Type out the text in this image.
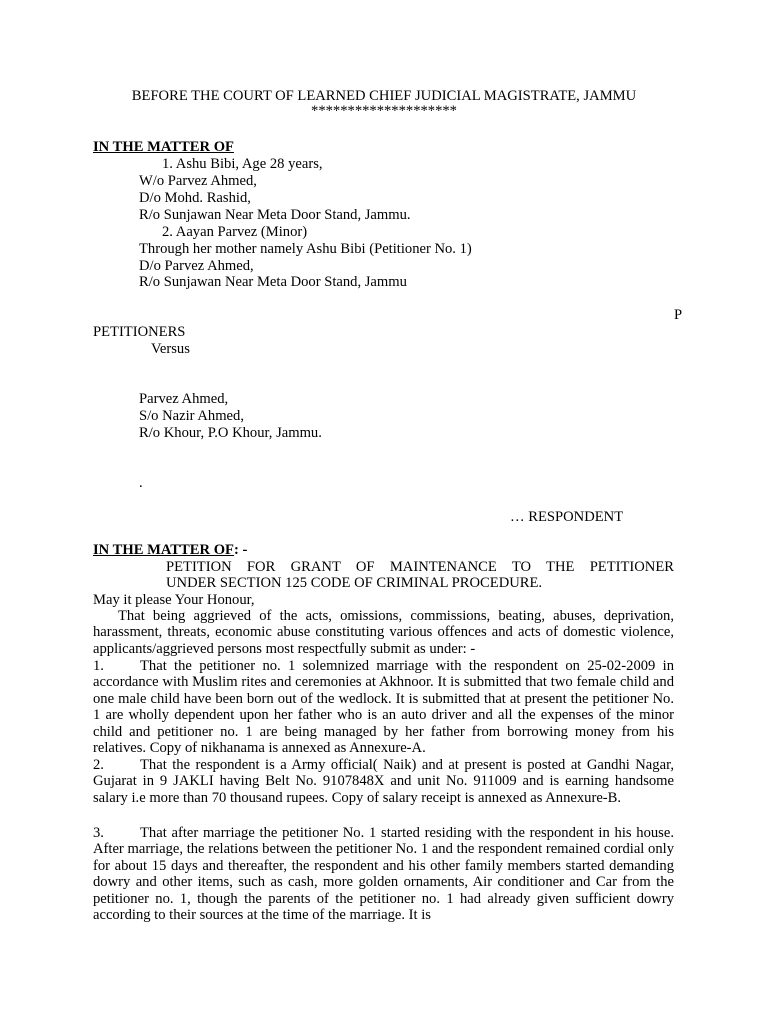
BEFORE THE COURT OF LEARNED CHIEF JUDICIAL MAGISTRATE, JAMMU

********************

IN THE MATTER OF

1. Ashu Bibi, Age 28 years,

W/o Parvez Ahmed,

D/o Mohd. Rashid,

R/o Sunjawan Near Meta Door Stand, Jammu.

2. Aayan Parvez (Minor)

Through her mother namely Ashu Bibi (Petitioner No. 1)

D/o Parvez Ahmed,

R/o Sunjawan Near Meta Door Stand, Jammu

P

PETITIONERS

Versus

Parvez Ahmed,

S/o Nazir Ahmed,

R/o Khour, P.O Khour, Jammu.

.

… RESPONDENT

IN THE MATTER OF: -

PETITION FOR GRANT OF MAINTENANCE TO THE PETITIONER

UNDER SECTION 125 CODE OF CRIMINAL PROCEDURE.

May it please Your Honour,

That being aggrieved of the acts, omissions, commissions, beating, abuses, deprivation, harassment, threats, economic abuse constituting various offences and acts of domestic violence, applicants/aggrieved persons most respectfully submit as under: -

1. That the petitioner no. 1 solemnized marriage with the respondent on 25-02-2009 in accordance with Muslim rites and ceremonies at Akhnoor. It is submitted that two female child and one male child have been born out of the wedlock. It is submitted that at present the petitioner No. 1 are wholly dependent upon her father who is an auto driver and all the expenses of the minor child and petitioner no. 1 are being managed by her father from borrowing money from his relatives. Copy of nikhanama is annexed as Annexure-A.

2. That the respondent is a Army official( Naik) and at present is posted at Gandhi Nagar, Gujarat in 9 JAKLI having Belt No. 9107848X and unit No. 911009 and is earning handsome salary i.e more than 70 thousand rupees. Copy of salary receipt is annexed as Annexure-B.

3. That after marriage the petitioner No. 1 started residing with the respondent in his house. After marriage, the relations between the petitioner No. 1 and the respondent remained cordial only for about 15 days and thereafter, the respondent and his other family members started demanding dowry and other items, such as cash, more golden ornaments, Air conditioner and Car from the petitioner no. 1, though the parents of the petitioner no. 1 had already given sufficient dowry according to their sources at the time of the marriage. It is
